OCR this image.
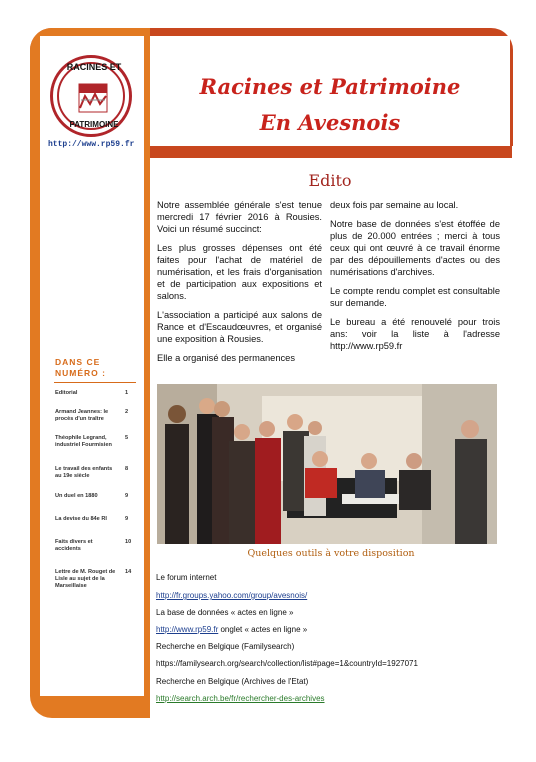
RACINES ET
PATRIMOINE
http://www.rp59.fr
Racines et Patrimoine
En Avesnois
Edito

Notre assemblée générale s'est tenue mercredi 17 février 2016 à Rousies. Voici un résumé succinct:

Les plus grosses dépenses ont été faites pour l'achat de matériel de numérisation, et les frais d'organisation et de participation aux expositions et salons.

L'association a participé aux salons de Rance et d'Escaudœuvres, et organisé une exposition à Rousies.

Elle a organisé des permanences

deux fois par semaine au local.

Notre base de données s'est étoffée de plus de 20.000 entrées ; merci à tous ceux qui ont œuvré à ce travail énorme par des dépouillements d'actes ou des numérisations d'archives.

Le compte rendu complet est consultable sur demande.

Le bureau a été renouvelé pour trois ans: voir la liste à l'adresse http://www.rp59.fr

DANS CE
NUMÉRO :
Editorial	1
Armand Jeannes: le procès d'un traître
2
Théophile Legrand, industriel Fourmisien
5
Le travail des enfants au 19e siècle
8
Un duel en 1880	9
La devise du 84e RI	9
Faits divers et accidents
10
Lettre de M. Rouget de Lisle au sujet de la Marseillaise
14
Quelques outils à votre disposition
Le forum internet
http://fr.groups.yahoo.com/group/avesnois/
La base de données « actes en ligne »
http://www.rp59.fr onglet « actes en ligne »
Recherche en Belgique (Familysearch)
https://familysearch.org/search/collection/list#page=1&countryId=1927071
Recherche en Belgique (Archives de l'Etat)
http://search.arch.be/fr/rechercher-des-archives
